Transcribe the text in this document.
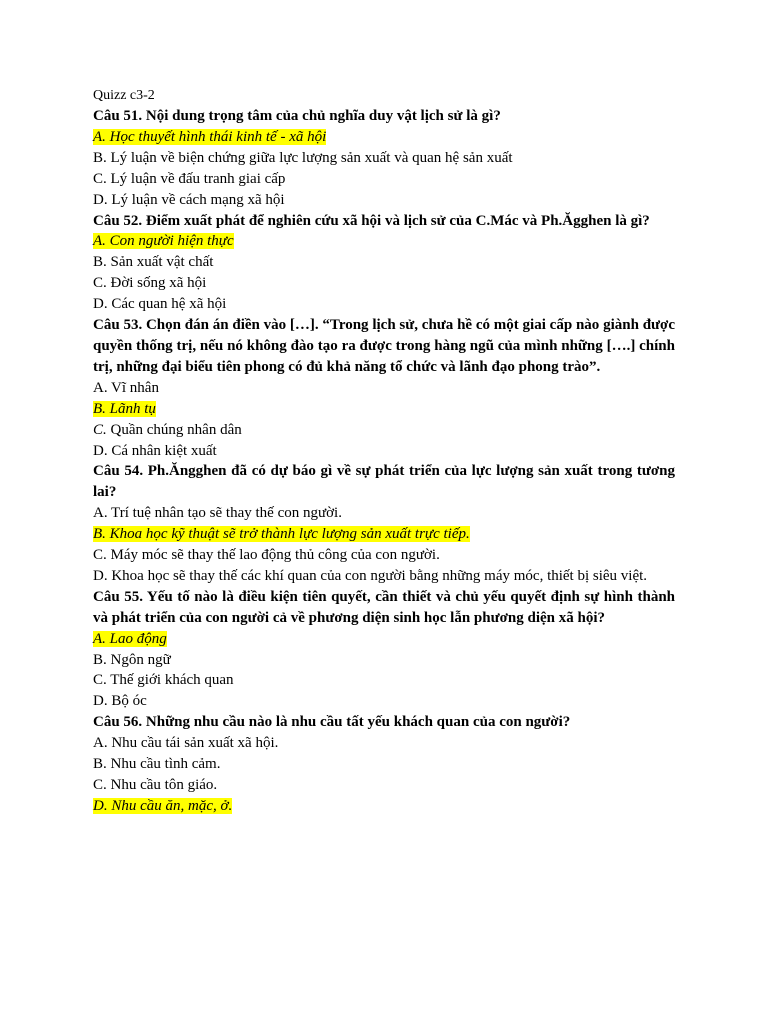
Quizz c3-2
Câu 51. Nội dung trọng tâm của chủ nghĩa duy vật lịch sử là gì?
A. Học thuyết hình thái kinh tế - xã hội
B. Lý luận về biện chứng giữa lực lượng sản xuất và quan hệ sản xuất
C. Lý luận về đấu tranh giai cấp
D. Lý luận về cách mạng xã hội
Câu 52. Điểm xuất phát để nghiên cứu xã hội và lịch sử của C.Mác và Ph.Ăgghen là gì?
A. Con người hiện thực
B. Sản xuất vật chất
C. Đời sống xã hội
D. Các quan hệ xã hội
Câu 53. Chọn đán án điền vào […]. “Trong lịch sử, chưa hề có một giai cấp nào giành được quyền thống trị, nếu nó không đào tạo ra được trong hàng ngũ của mình những [….] chính trị, những đại biểu tiên phong có đủ khả năng tổ chức và lãnh đạo phong trào”.
A. Vĩ nhân
B. Lãnh tụ
C. Quần chúng nhân dân
D. Cá nhân kiệt xuất
Câu 54. Ph.Ăngghen đã có dự báo gì về sự phát triển của lực lượng sản xuất trong tương lai?
A. Trí tuệ nhân tạo sẽ thay thế con người.
B. Khoa học kỹ thuật sẽ trở thành lực lượng sản xuất trực tiếp.
C. Máy móc sẽ thay thế lao động thủ công của con người.
D. Khoa học sẽ thay thế các khí quan của con người bằng những máy móc, thiết bị siêu việt.
Câu 55. Yếu tố nào là điều kiện tiên quyết, cần thiết và chủ yếu quyết định sự hình thành và phát triển của con người cả về phương diện sinh học lẫn phương diện xã hội?
A. Lao động
B. Ngôn ngữ
C. Thế giới khách quan
D. Bộ óc
Câu 56. Những nhu cầu nào là nhu cầu tất yếu khách quan của con người?
A. Nhu cầu tái sản xuất xã hội.
B. Nhu cầu tình cảm.
C. Nhu cầu tôn giáo.
D. Nhu cầu ăn, mặc, ở.
